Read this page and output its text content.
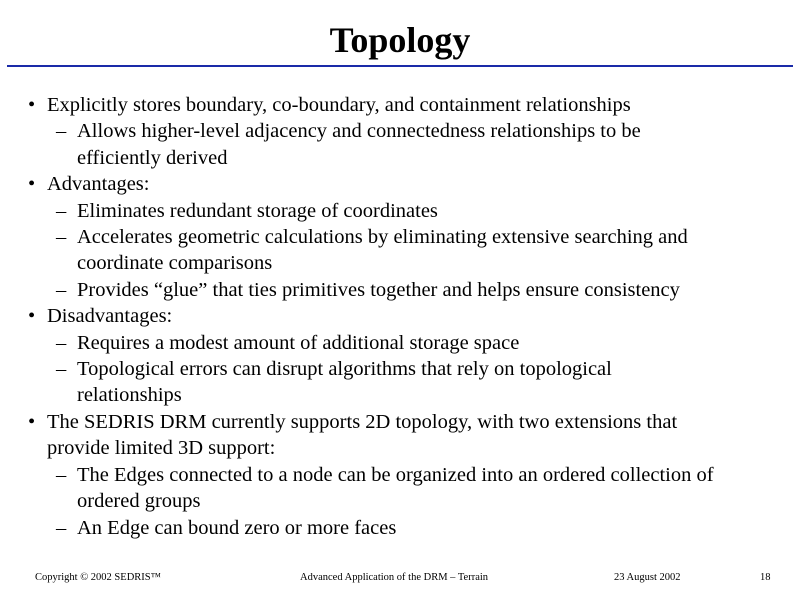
Topology
• Explicitly stores boundary, co-boundary, and containment relationships
– Allows higher-level adjacency and connectedness relationships to be
efficiently derived
• Advantages:
– Eliminates redundant storage of coordinates
– Accelerates geometric calculations by eliminating extensive searching and
coordinate comparisons
– Provides “glue” that ties primitives together and helps ensure consistency
• Disadvantages:
– Requires a modest amount of additional storage space
– Topological errors can disrupt algorithms that rely on topological
relationships
• The SEDRIS DRM currently supports 2D topology, with two extensions that
provide limited 3D support:
– The Edges connected to a node can be organized into an ordered collection of
ordered groups
– An Edge can bound zero or more faces
Copyright © 2002 SEDRIS™	Advanced Application of the DRM – Terrain	23 August 2002	18
